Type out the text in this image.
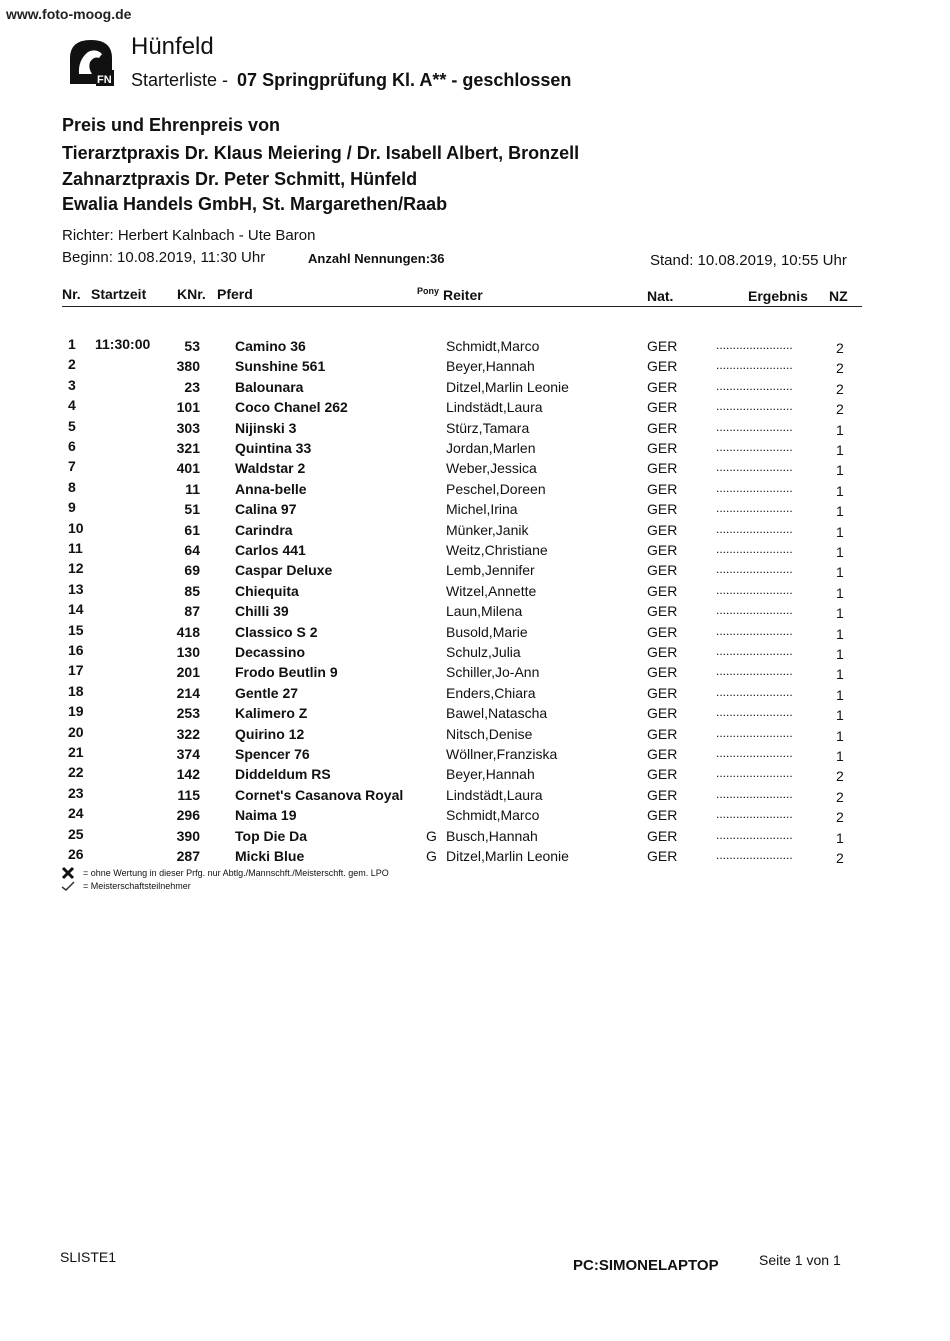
www.foto-moog.de
FN
Hünfeld
Starterliste - 07 Springprüfung Kl. A** - geschlossen
Preis und Ehrenpreis von
Tierarztpraxis Dr. Klaus Meiering / Dr. Isabell Albert, Bronzell
Zahnarztpraxis Dr. Peter Schmitt, Hünfeld
Ewalia Handels GmbH, St. Margarethen/Raab
Richter: Herbert Kalnbach - Ute Baron
Beginn: 10.08.2019, 11:30 Uhr	Anzahl Nennungen:36	Stand: 10.08.2019, 10:55 Uhr
Nr. Startzeit KNr. Pferd	$^{Pony}$ Reiter	Nat.	Ergebnis NZ
1 11:30:00	53	Camino 36	Schmidt,Marco	GER	.......................	2
2	380	Sunshine 561	Beyer,Hannah	GER	.......................	2
3	23	Balounara	Ditzel,Marlin Leonie	GER	.......................	2
4	101	Coco Chanel 262	Lindstädt,Laura	GER	.......................	2
5	303	Nijinski 3	Stürz,Tamara	GER	.......................	1
6	321	Quintina 33	Jordan,Marlen	GER	.......................	1
7	401	Waldstar 2	Weber,Jessica	GER	.......................	1
8	11	Anna-belle	Peschel,Doreen	GER	.......................	1
9	51	Calina 97	Michel,Irina	GER	.......................	1
10	61	Carindra	Münker,Janik	GER	.......................	1
11	64	Carlos 441	Weitz,Christiane	GER	.......................	1
12	69	Caspar Deluxe	Lemb,Jennifer	GER	.......................	1
13	85	Chiequita	Witzel,Annette	GER	.......................	1
14	87	Chilli 39	Laun,Milena	GER	.......................	1
15	418	Classico S 2	Busold,Marie	GER	.......................	1
16	130	Decassino	Schulz,Julia	GER	.......................	1
17	201	Frodo Beutlin 9	Schiller,Jo-Ann	GER	.......................	1
18	214	Gentle 27	Enders,Chiara	GER	.......................	1
19	253	Kalimero Z	Bawel,Natascha	GER	.......................	1
20	322	Quirino 12	Nitsch,Denise	GER	.......................	1
21	374	Spencer 76	Wöllner,Franziska	GER	.......................	1
22	142	Diddeldum RS	Beyer,Hannah	GER	.......................	2
23	115	Cornet's Casanova Royal	Lindstädt,Laura	GER	.......................	2
24	296	Naima 19	Schmidt,Marco	GER	.......................	2
25	390	Top Die Da	G Busch,Hannah	GER	.......................	1
26	287	Micki Blue	G Ditzel,Marlin Leonie	GER	.......................	2
= ohne Wertung in dieser Prfg. nur Abtlg./Mannschft./Meisterschft. gem. LPO
= Meisterschaftsteilnehmer
SLISTE1	PC:SIMONELAPTOP	Seite 1 von 1
